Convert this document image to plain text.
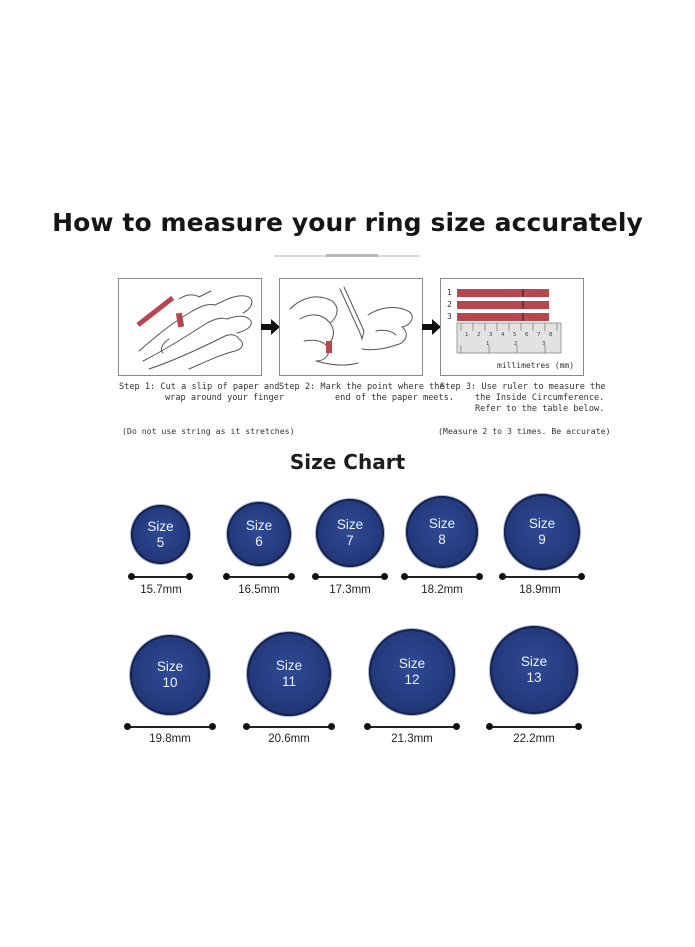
How to measure your ring size accurately
1
2
3
1 2 3 4 5 6 7 8
1	2	3
millimetres (mm)
Step 1: Cut a slip of paper and
wrap around your finger
Step 2: Mark the point where the
end of the paper meets.
Step 3: Use ruler to measure the
the Inside Circumference.
Refer to the table below.
(Do not use string as it stretches)	(Measure 2 to 3 times. Be accurate)
Size Chart
Size
5
Size
6
Size
7
Size
8
Size
9
15.7mm	16.5mm	17.3mm	18.2mm	18.9mm
Size
10
Size
11
Size
12
Size
13
19.8mm	20.6mm	21.3mm	22.2mm
